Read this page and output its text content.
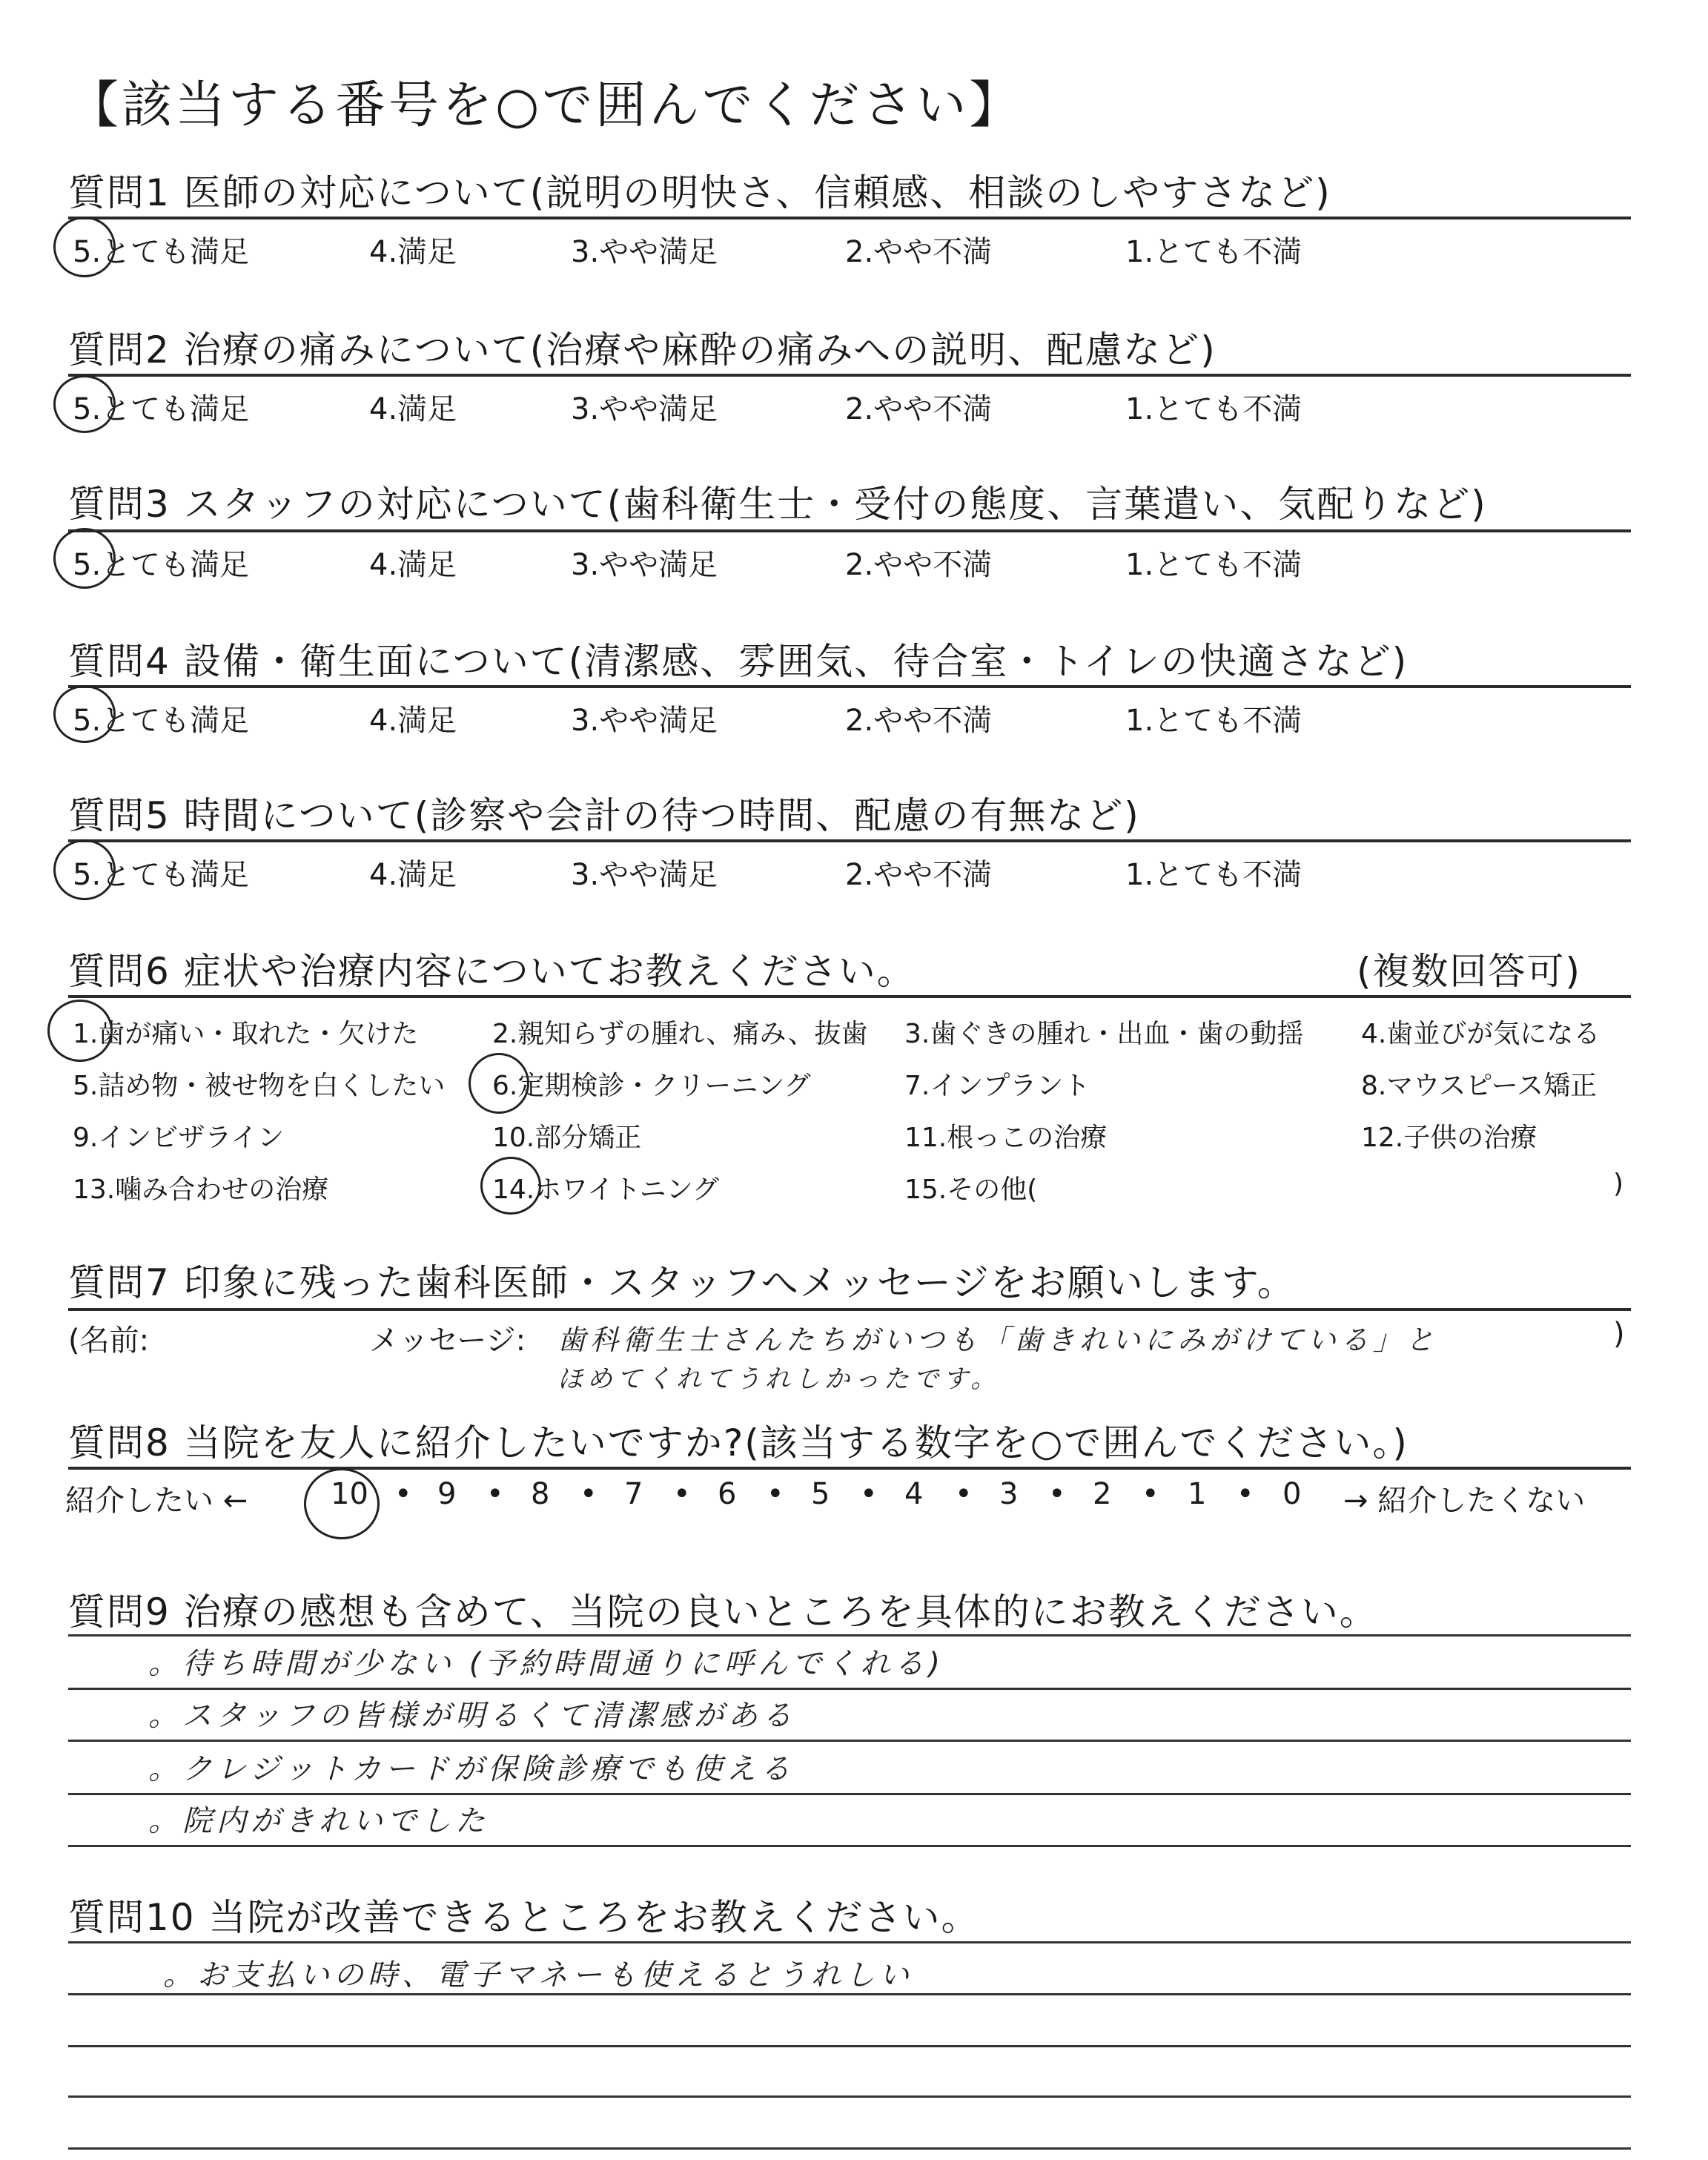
【該当する番号を○で囲んでください】
質問1 医師の対応について(説明の明快さ、信頼感、相談のしやすさなど)
5.とても満足	4.満足	3.やや満足	2.やや不満	1.とても不満
質問2 治療の痛みについて(治療や麻酔の痛みへの説明、配慮など)
5.とても満足	4.満足	3.やや満足	2.やや不満	1.とても不満
質問3 スタッフの対応について(歯科衛生士・受付の態度、言葉遣い、気配りなど)
5.とても満足	4.満足	3.やや満足	2.やや不満	1.とても不満
質問4 設備・衛生面について(清潔感、雰囲気、待合室・トイレの快適さなど)
5.とても満足	4.満足	3.やや満足	2.やや不満	1.とても不満
質問5 時間について(診察や会計の待つ時間、配慮の有無など)
5.とても満足	4.満足	3.やや満足	2.やや不満	1.とても不満
質問6 症状や治療内容についてお教えください。	(複数回答可)
1.歯が痛い・取れた・欠けた	2.親知らずの腫れ、痛み、抜歯 3.歯ぐきの腫れ・出血・歯の動揺 4.歯並びが気になる
5.詰め物・被せ物を白くしたい 6.定期検診・クリーニング	7.インプラント	8.マウスピース矯正
9.インビザライン	10.部分矯正	11.根っこの治療	12.子供の治療
13.噛み合わせの治療	14.ホワイトニング	15.その他(	)
質問7 印象に残った歯科医師・スタッフへメッセージをお願いします。
(名前:	メッセージ: 歯科衛生士さんたちがいつも「歯きれいにみがけている」と
ほめてくれてうれしかったです。
)
質問8 当院を友人に紹介したいですか?(該当する数字を○で囲んでください。)
紹介したい ←	10 • 9 • 8 • 7 • 6 • 5 • 4 • 3 • 2 • 1 • 0 → 紹介したくない
質問9 治療の感想も含めて、当院の良いところを具体的にお教えください。
。待ち時間が少ない (予約時間通りに呼んでくれる)
。スタッフの皆様が明るくて清潔感がある
。クレジットカードが保険診療でも使える
。院内がきれいでした
質問10 当院が改善できるところをお教えください。
。お支払いの時、電子マネーも使えるとうれしい
